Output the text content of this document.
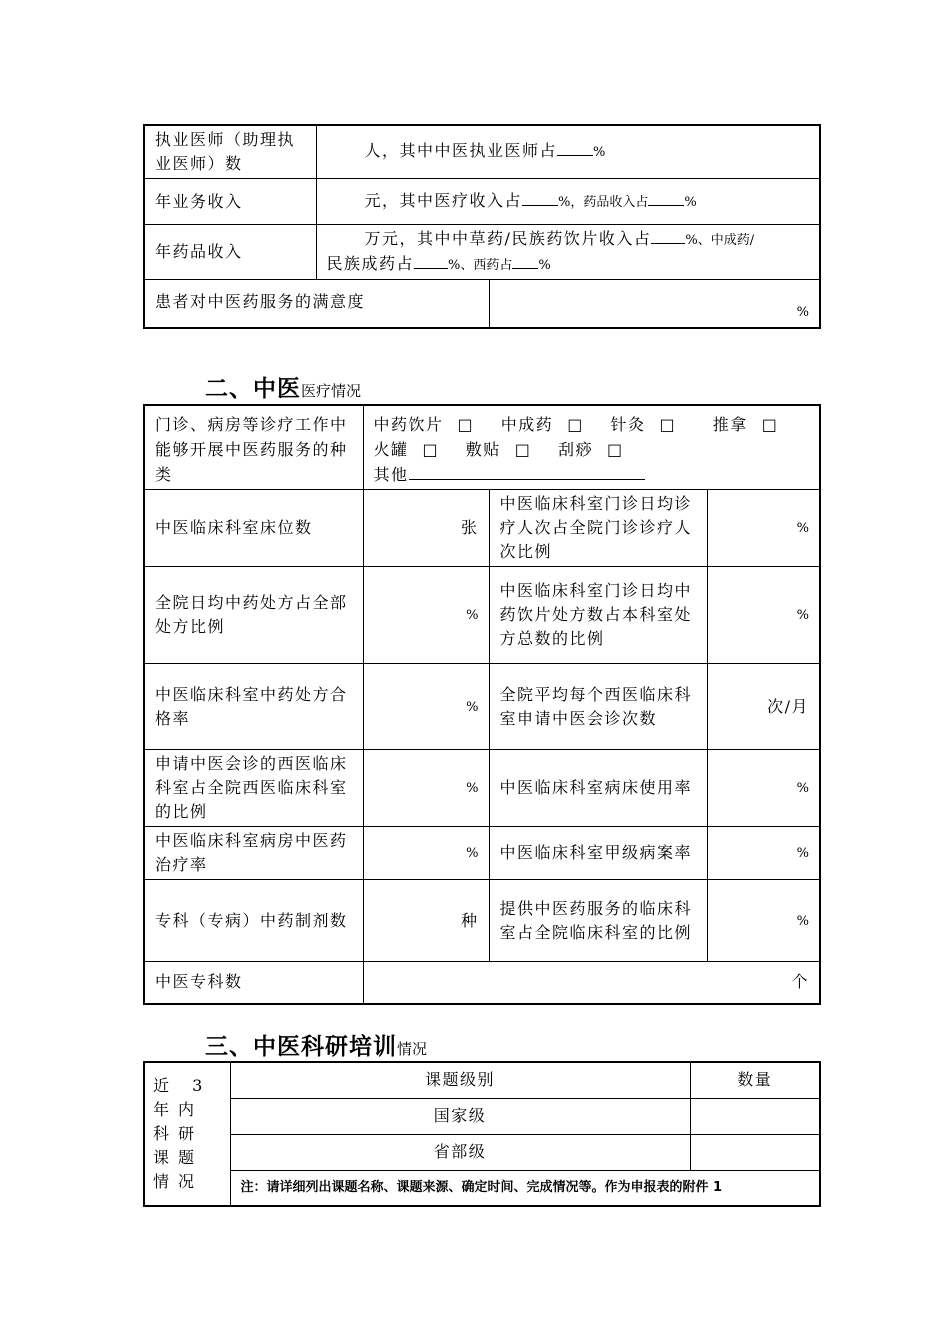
执业医师（助理执业医师）数	人，其中中医执业医师占 %	
年业务收入	元，其中医疗收入占 %，药品收入占 %	
年药品收入	万元，其中中草药/民族药饮片收入占 %、中成药/
民族成药占 %、西药占 %	
患者对中医药服务的满意度		%
二、中医医疗情况
门诊、病房等诊疗工作中能够开展中医药服务的种类	中药饮片 □ 中成药 □ 针灸 □ 推拿 □
火罐 □ 敷贴 □ 刮痧 □
其他		
中医临床科室床位数	张	中医临床科室门诊日均诊疗人次占全院门诊诊疗人次比例	%
全院日均中药处方占全部处方比例	%	中医临床科室门诊日均中药饮片处方数占本科室处方总数的比例	%
中医临床科室中药处方合格率	%	全院平均每个西医临床科室申请中医会诊次数	次/月
申请中医会诊的西医临床科室占全院西医临床科室的比例	%	中医临床科室病床使用率	%
中医临床科室病房中医药治疗率	%	中医临床科室甲级病案率	%
专科（专病）中药制剂数	种	提供中医药服务的临床科室占全院临床科室的比例	%
中医专科数	个		
三、中医科研培训情况
近 3 年内科研课题情况	课题级别	数量
	国家级	
	省部级	
	注：请详细列出课题名称、课题来源、确定时间、完成情况等。作为申报表的附件 1	
